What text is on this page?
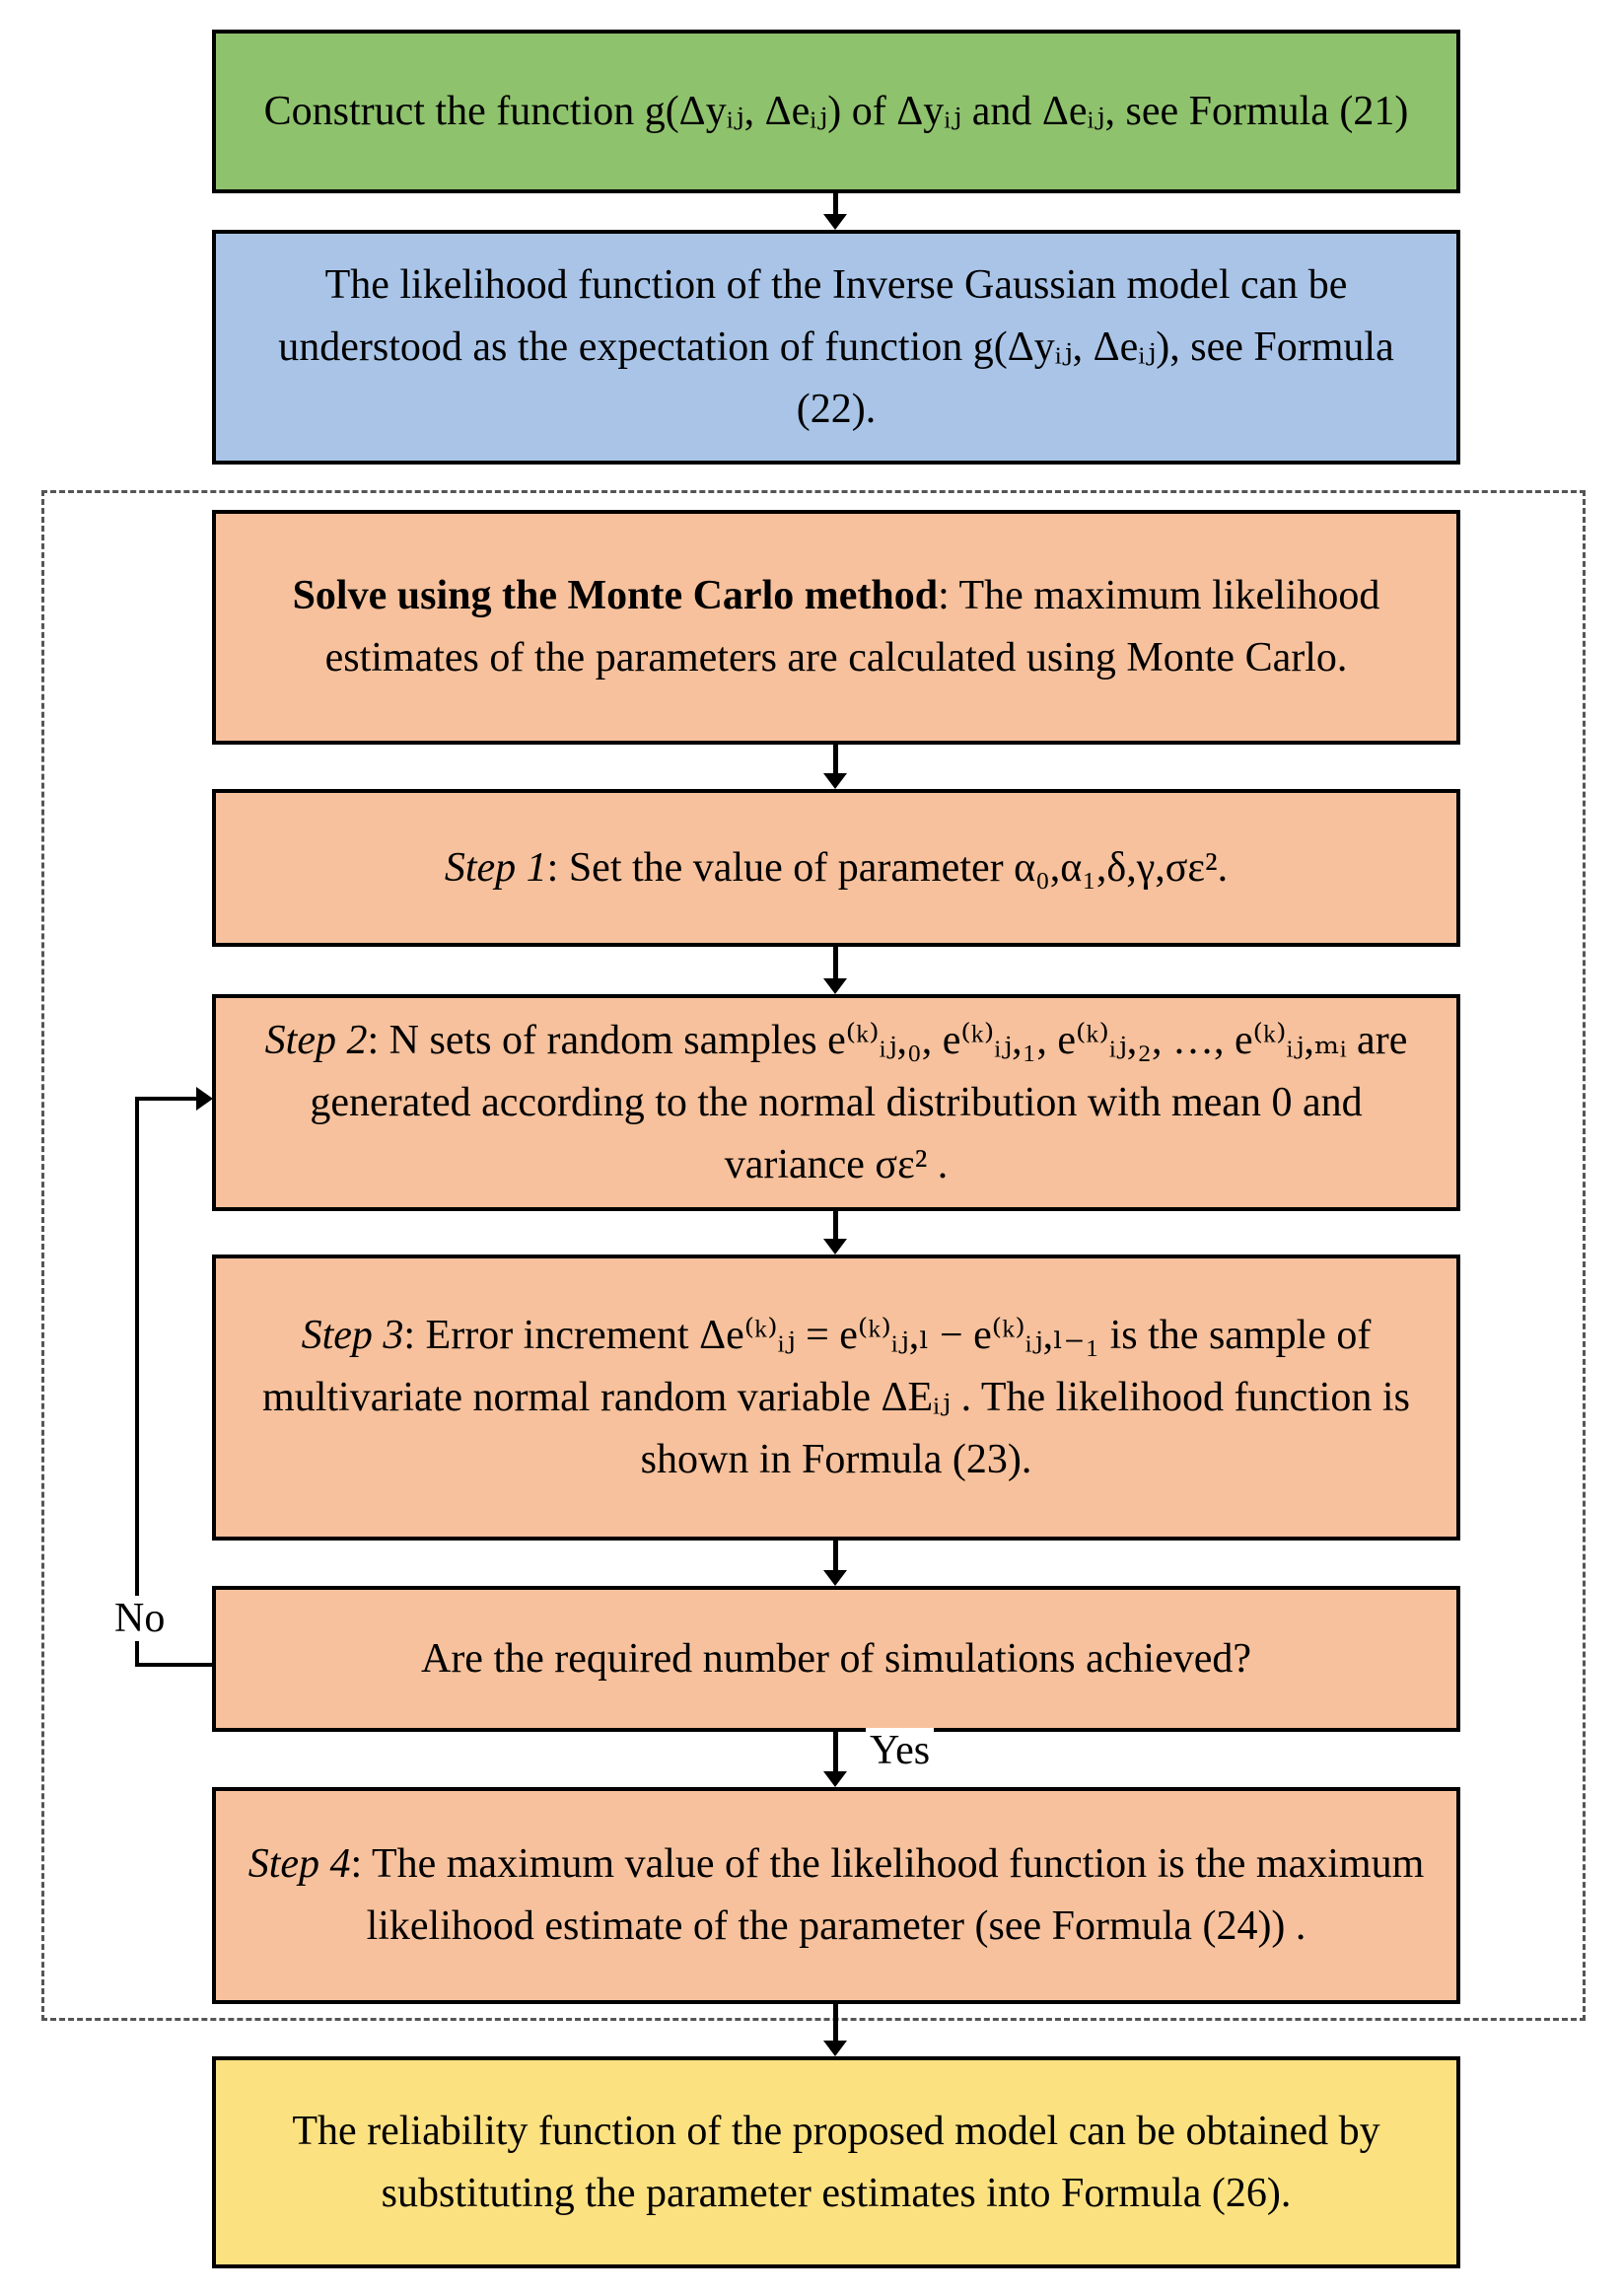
Construct the function g(Δyᵢⱼ, Δeᵢⱼ) of Δyᵢⱼ and Δeᵢⱼ, see Formula (21)

The likelihood function of the Inverse Gaussian model can be understood as the expectation of function g(Δyᵢⱼ, Δeᵢⱼ), see Formula (22).

Solve using the Monte Carlo method: The maximum likelihood estimates of the parameters are calculated using Monte Carlo.

Step 1: Set the value of parameter α₀,α₁,δ,γ,σε².

Step 2: N sets of random samples e⁽ᵏ⁾ᵢⱼ,₀, e⁽ᵏ⁾ᵢⱼ,₁, e⁽ᵏ⁾ᵢⱼ,₂, …, e⁽ᵏ⁾ᵢⱼ,ₘᵢ are generated according to the normal distribution with mean 0 and variance σε² .

Step 3: Error increment Δe⁽ᵏ⁾ᵢⱼ = e⁽ᵏ⁾ᵢⱼ,ₗ − e⁽ᵏ⁾ᵢⱼ,ₗ₋₁ is the sample of multivariate normal random variable ΔEᵢⱼ . The likelihood function is shown in Formula (23).

Are the required number of simulations achieved?

Step 4: The maximum value of the likelihood function is the maximum likelihood estimate of the parameter (see Formula (24)) .

The reliability function of the proposed model can be obtained by substituting the parameter estimates into Formula (26).

No
Yes
